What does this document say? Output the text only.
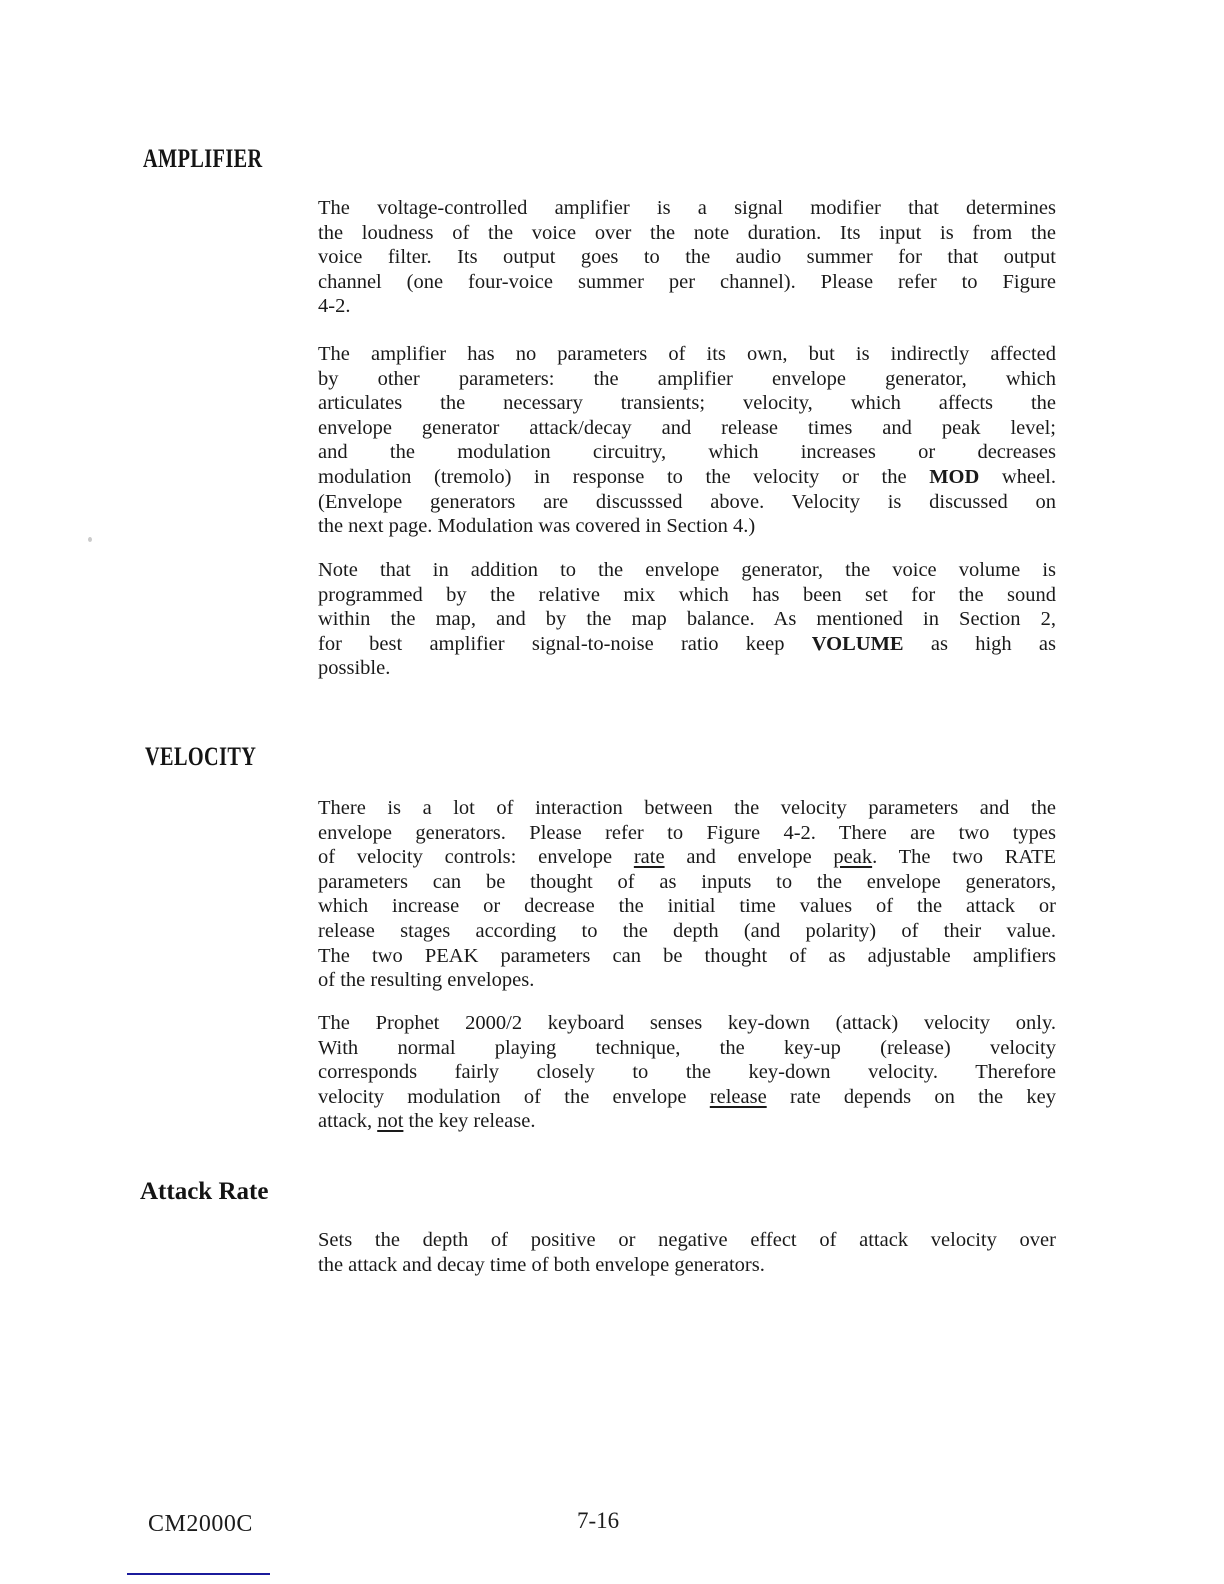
AMPLIFIER
The voltage-controlled amplifier is a signal modifier that determines
the loudness of the voice over the note duration. Its input is from the
voice filter. Its output goes to the audio summer for that output
channel (one four-voice summer per channel). Please refer to Figure
4-2.
The amplifier has no parameters of its own, but is indirectly affected
by other parameters: the amplifier envelope generator, which
articulates the necessary transients; velocity, which affects the
envelope generator attack/decay and release times and peak level;
and the modulation circuitry, which increases or decreases
modulation (tremolo) in response to the velocity or the MOD wheel.
(Envelope generators are discusssed above. Velocity is discussed on
the next page. Modulation was covered in Section 4.)
Note that in addition to the envelope generator, the voice volume is
programmed by the relative mix which has been set for the sound
within the map, and by the map balance. As mentioned in Section 2,
for best amplifier signal-to-noise ratio keep VOLUME as high as
possible.
VELOCITY
There is a lot of interaction between the velocity parameters and the
envelope generators. Please refer to Figure 4-2. There are two types
of velocity controls: envelope rate and envelope peak. The two RATE
parameters can be thought of as inputs to the envelope generators,
which increase or decrease the initial time values of the attack or
release stages according to the depth (and polarity) of their value.
The two PEAK parameters can be thought of as adjustable amplifiers
of the resulting envelopes.
The Prophet 2000/2 keyboard senses key-down (attack) velocity only.
With normal playing technique, the key-up (release) velocity
corresponds fairly closely to the key-down velocity. Therefore
velocity modulation of the envelope release rate depends on the key
attack, not the key release.
Attack Rate
Sets the depth of positive or negative effect of attack velocity over
the attack and decay time of both envelope generators.
CM2000C	7-16
